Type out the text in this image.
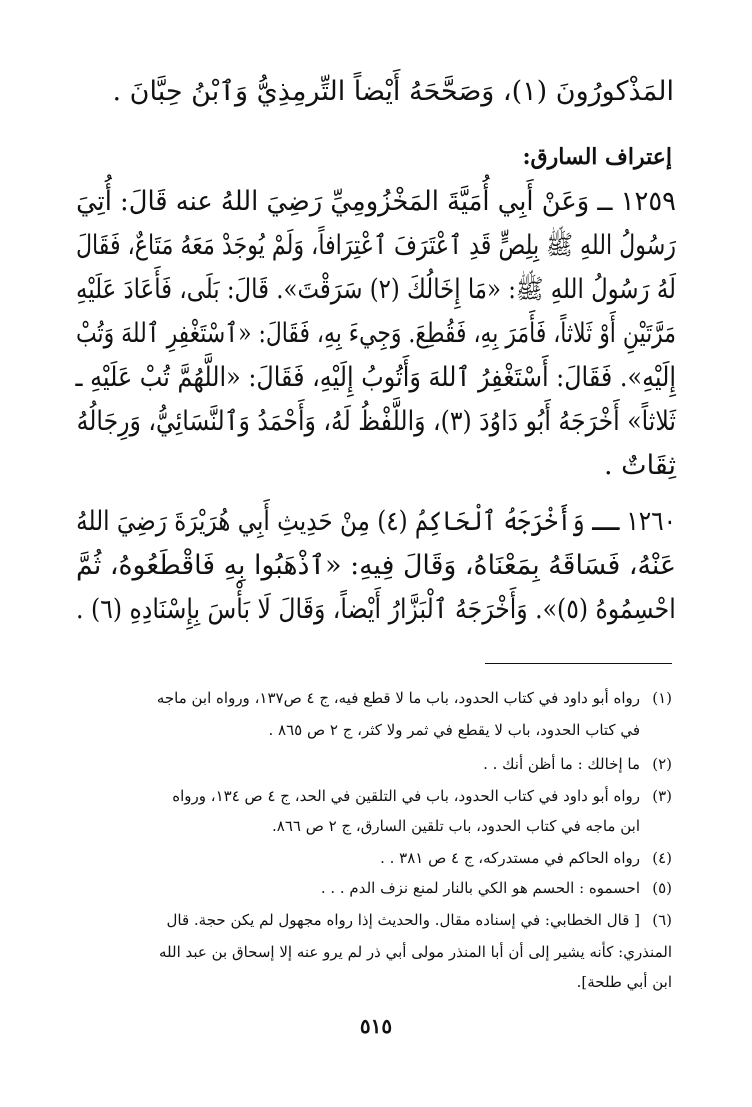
المَذْكورُونَ (١)، وَصَحَّحَهُ أَيْضاً التِّرمِذِيُّ وَٱبْنُ حِبَّانَ .
إعتراف السارق:
١٢٥٩ ــ وَعَنْ أَبِي أُمَيَّةَ المَخْزُومِيِّ رَضِيَ اللهُ عنه قَالَ: أُتِيَ
رَسُولُ اللهِ ﷺ بِلِصٍّ قَدِ ٱعْتَرَفَ ٱعْتِرَافاً، وَلَمْ يُوجَدْ مَعَهُ مَتَاعٌ، فَقَالَ
لَهُ رَسُولُ اللهِ ﷺ: «مَا إِخَالُكَ (٢) سَرَقْتَ». قَالَ: بَلَى، فَأَعَادَ عَلَيْهِ
مَرَّتَيْنِ أَوْ ثَلاثاً، فَأَمَرَ بِهِ، فَقُطِعَ. وَجِيءَ بِهِ، فَقَالَ: «ٱسْتَغْفِرِ ٱللهَ وَتُبْ
إِلَيْهِ». فَقَالَ: أَسْتَغْفِرُ ٱللهَ وَأَتُوبُ إِلَيْهِ، فَقَالَ: «اللَّهُمَّ تُبْ عَلَيْهِ ـ
ثَلاثاً» أَخْرَجَهُ أَبُو دَاوُدَ (٣)، وَاللَّفْظُ لَهُ، وَأَحْمَدُ وَٱلنَّسَائِيُّ، وَرِجَالُهُ
ثِقَاتٌ .
١٢٦٠ ــ وَأَخْرَجَهُ ٱلْحَاكِمُ (٤) مِنْ حَدِيثِ أَبِي هُرَيْرَةَ رَضِيَ اللهُ
عَنْهُ، فَسَاقَهُ بِمَعْنَاهُ، وَقَالَ فِيهِ: «ٱذْهَبُوا بِهِ فَاقْطَعُوهُ، ثُمَّ
احْسِمُوهُ (٥)». وَأَخْرَجَهُ ٱلْبَزَّارُ أَيْضاً، وَقَالَ لَا بَأْسَ بِإِسْنَادِهِ (٦) .
(١)
رواه أبو داود في كتاب الحدود، باب ما لا قطع فيه، ج ٤ ص١٣٧، ورواه ابن ماجه
في كتاب الحدود، باب لا يقطع في ثمر ولا كثر، ج ٢ ص ٨٦٥ .
(٢)
ما إخالك : ما أظن أنك . .
(٣)
رواه أبو داود في كتاب الحدود، باب في التلقين في الحد، ج ٤ ص ١٣٤، ورواه
ابن ماجه في كتاب الحدود، باب تلقين السارق، ج ٢ ص ٨٦٦.
(٤)
رواه الحاكم في مستدركه، ج ٤ ص ٣٨١ . .
(٥)
احسموه : الحسم هو الكي بالنار لمنع نزف الدم . . .
(٦)
[ قال الخطابي: في إسناده مقال. والحديث إذا رواه مجهول لم يكن حجة. قال
المنذري: كأنه يشير إلى أن أبا المنذر مولى أبي ذر لم يرو عنه إلا إسحاق بن عبد الله
ابن أبي طلحة].
٥١٥
